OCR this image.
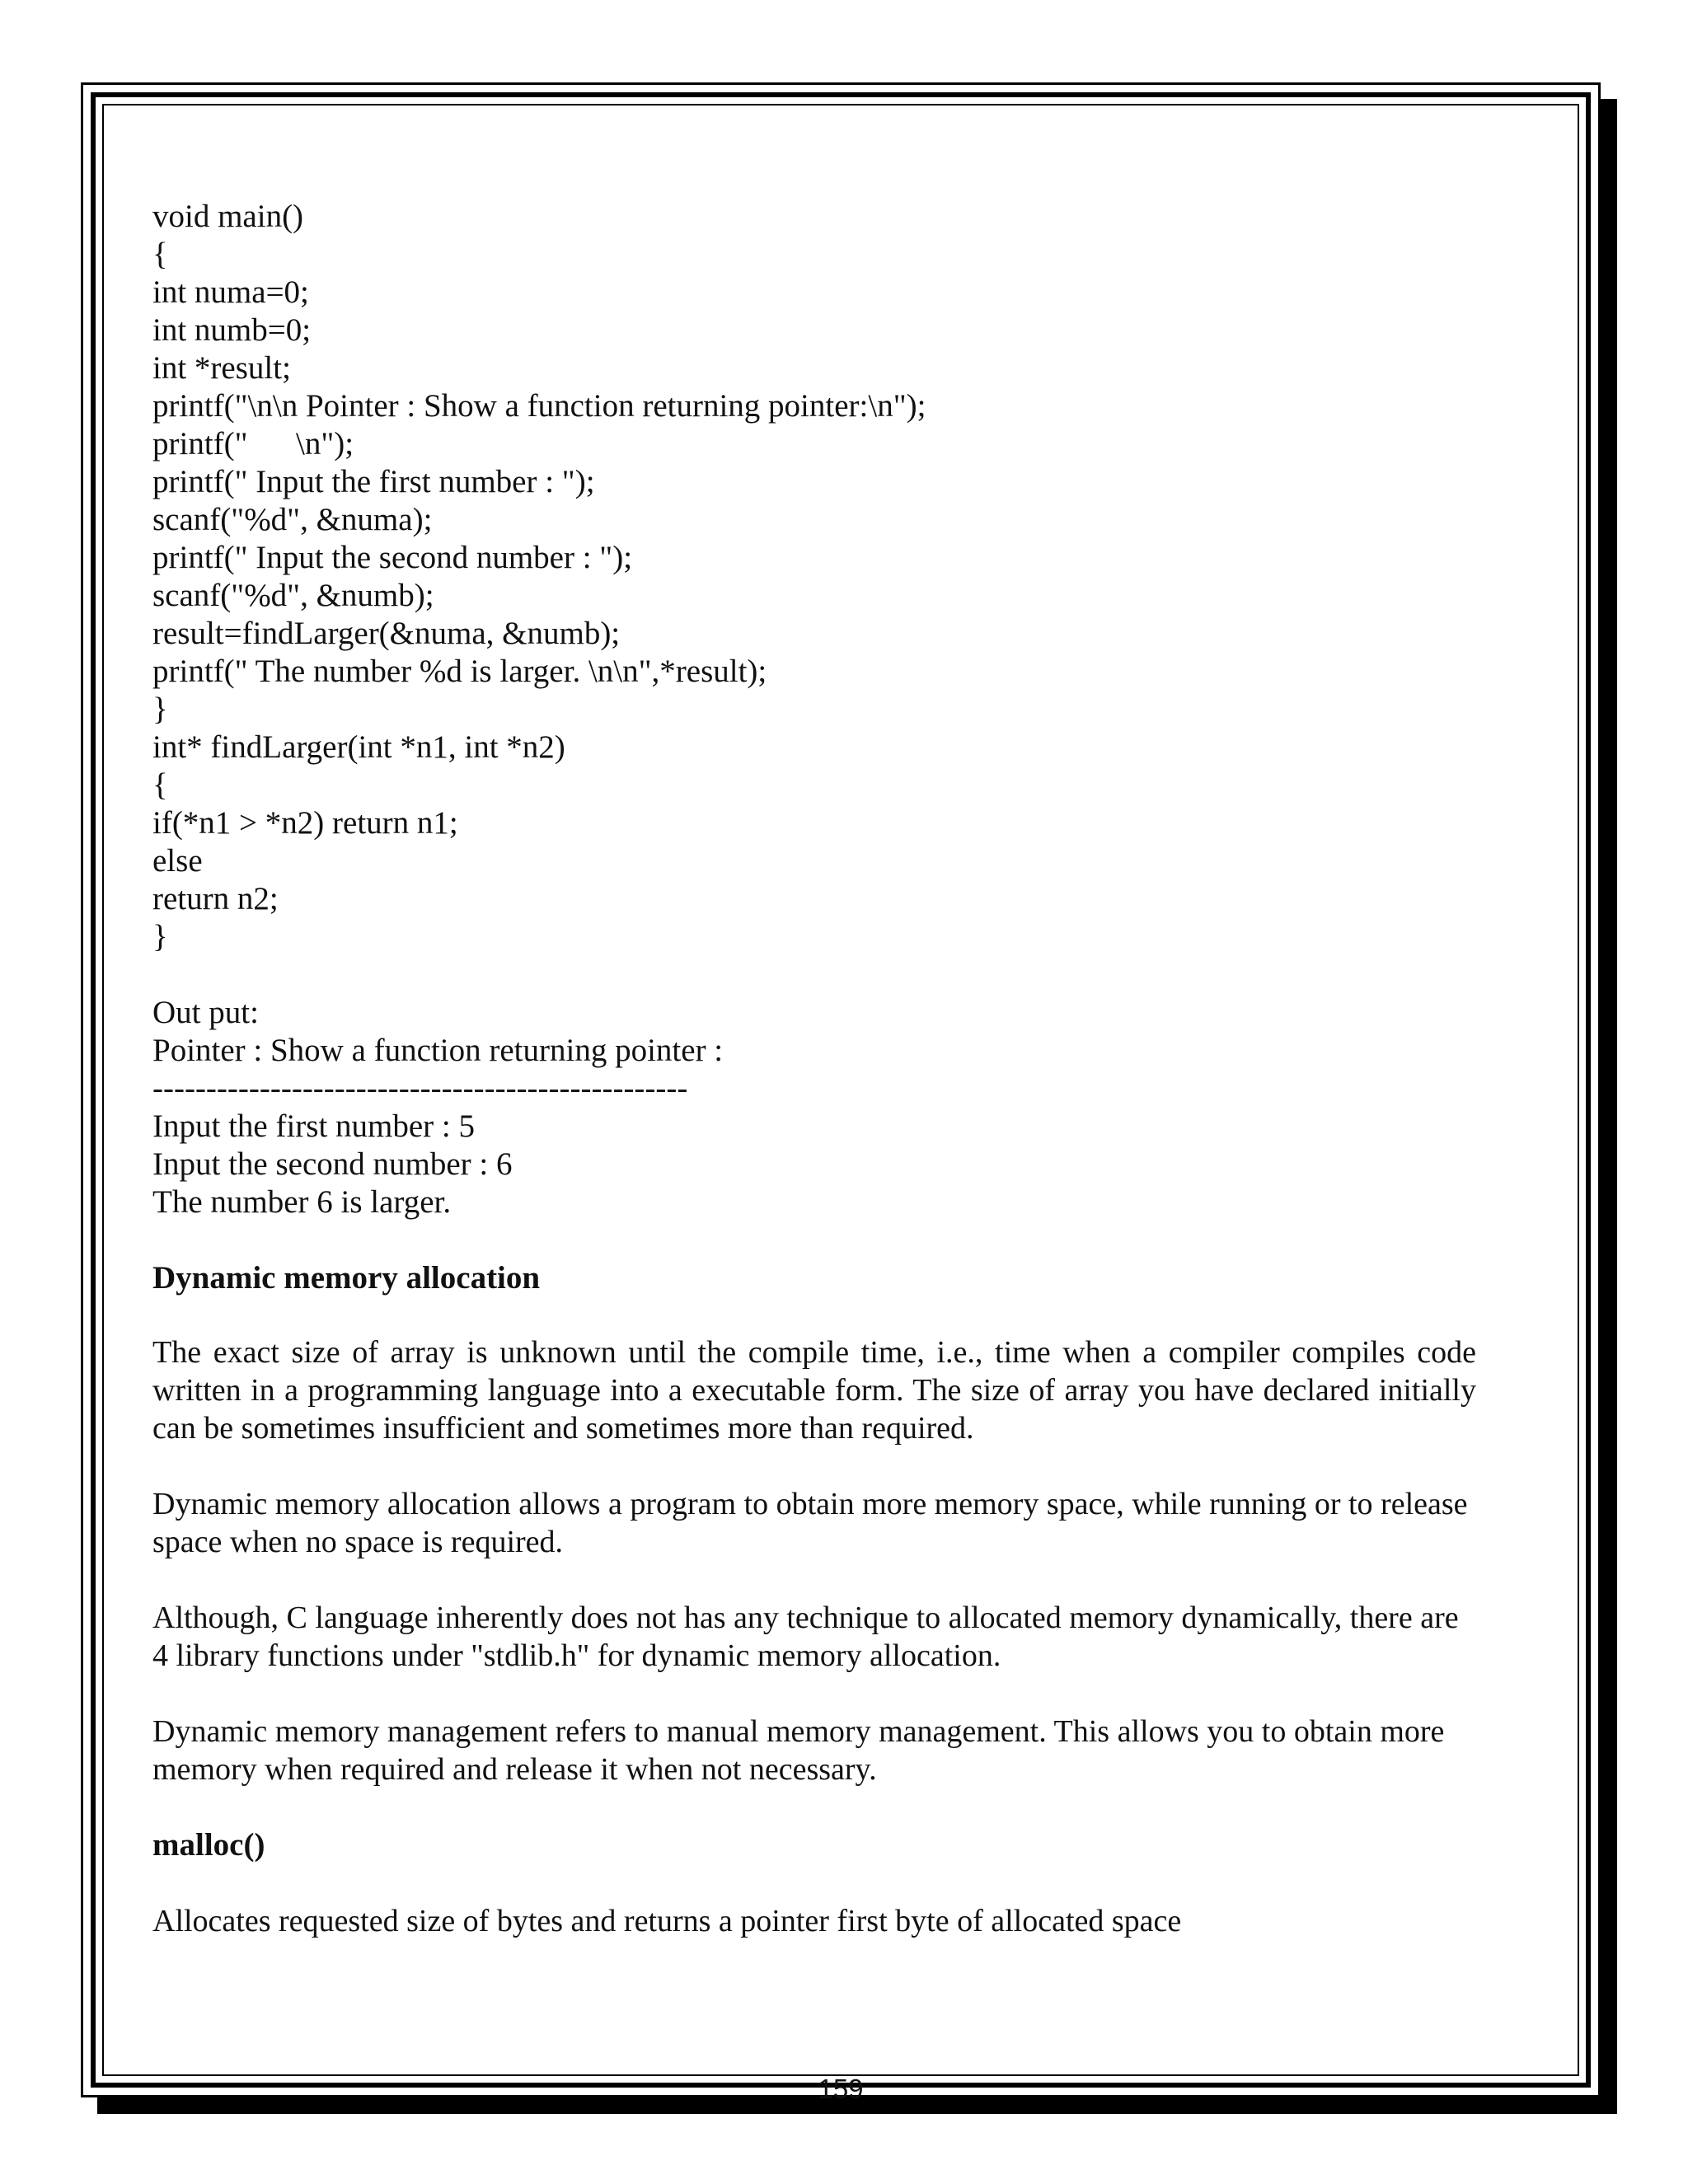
void main()
{
int numa=0;
int numb=0;
int *result;
printf("\n\n Pointer : Show a function returning pointer:\n");
printf("      \n");
printf(" Input the first number : ");
scanf("%d", &numa);
printf(" Input the second number : ");
scanf("%d", &numb);
result=findLarger(&numa, &numb);
printf(" The number %d is larger. \n\n",*result);
}
int* findLarger(int *n1, int *n2)
{
if(*n1 > *n2) return n1;
else
return n2;
}
Out put:
Pointer : Show a function returning pointer :
--------------------------------------------------
Input the first number : 5
Input the second number : 6
The number 6 is larger.
Dynamic memory allocation

The exact size of array is unknown until the compile time, i.e., time when a compiler compiles code written in a programming language into a executable form. The size of array you have declared initially can be sometimes insufficient and sometimes more than required.

Dynamic memory allocation allows a program to obtain more memory space, while running or to release space when no space is required.

Although, C language inherently does not has any technique to allocated memory dynamically, there are 4 library functions under "stdlib.h" for dynamic memory allocation.

Dynamic memory management refers to manual memory management. This allows you to obtain more memory when required and release it when not necessary.

malloc()

Allocates requested size of bytes and returns a pointer first byte of allocated space

159
